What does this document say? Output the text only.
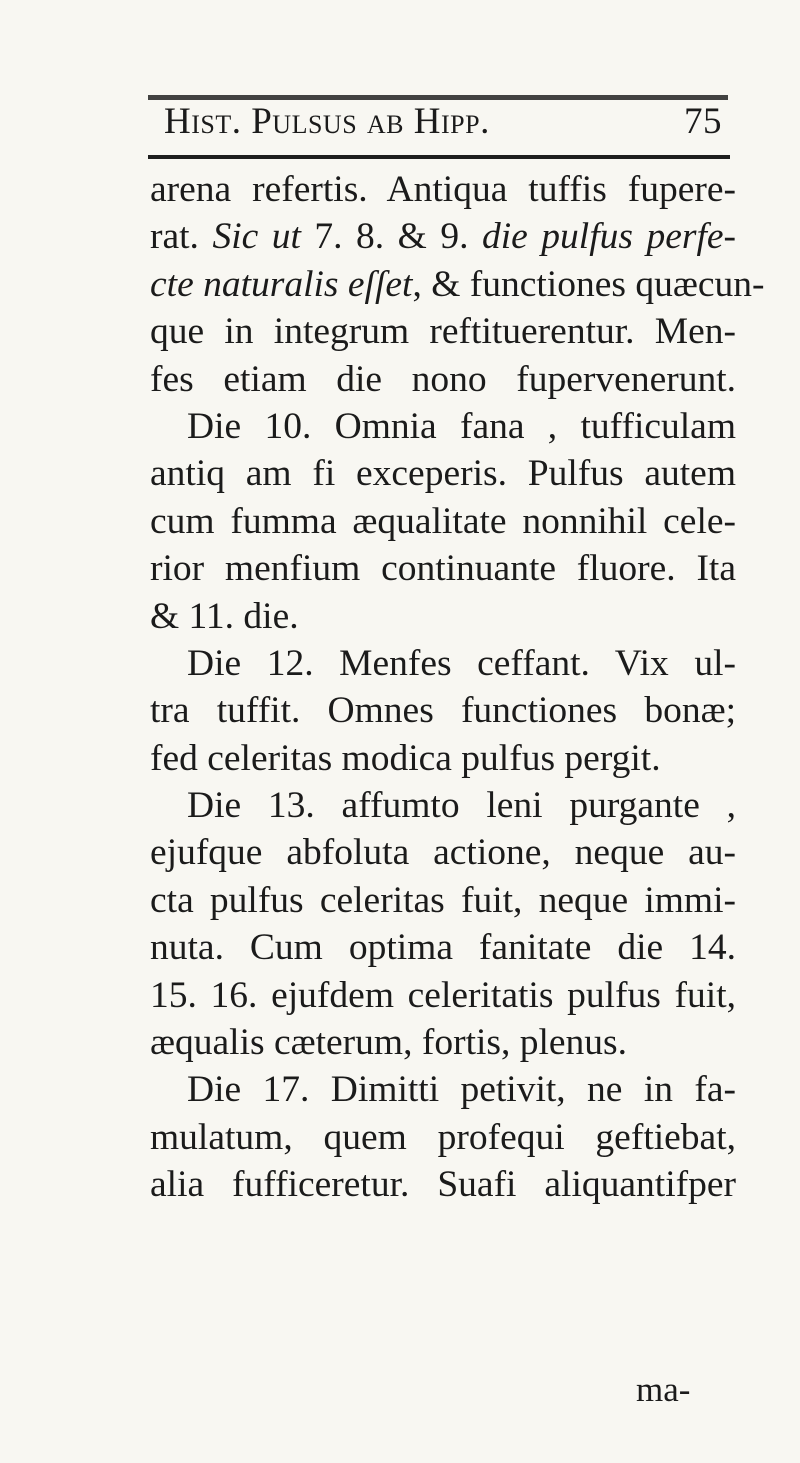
Hist. Pulsus ab Hipp.	75
arena refertis. Antiqua tuffis fupere-
rat. Sic ut 7. 8. & 9. die pulfus perfe-
cte naturalis eſſet, & functiones quæcun-
que in integrum reftituerentur. Men-
fes etiam die nono fupervenerunt.
Die 10. Omnia fana , tufficulam
antiq am fi exceperis. Pulfus autem
cum fumma æqualitate nonnihil cele-
rior menfium continuante fluore. Ita
& 11. die.
Die 12. Menfes ceffant. Vix ul-
tra tuffit. Omnes functiones bonæ;
fed celeritas modica pulfus pergit.
Die 13. affumto leni purgante ,
ejufque abfoluta actione, neque au-
cta pulfus celeritas fuit, neque immi-
nuta. Cum optima fanitate die 14.
15. 16. ejufdem celeritatis pulfus fuit,
æqualis cæterum, fortis, plenus.
Die 17. Dimitti petivit, ne in fa-
mulatum, quem profequi geftiebat,
alia fufficeretur. Suafi aliquantifper
ma-
